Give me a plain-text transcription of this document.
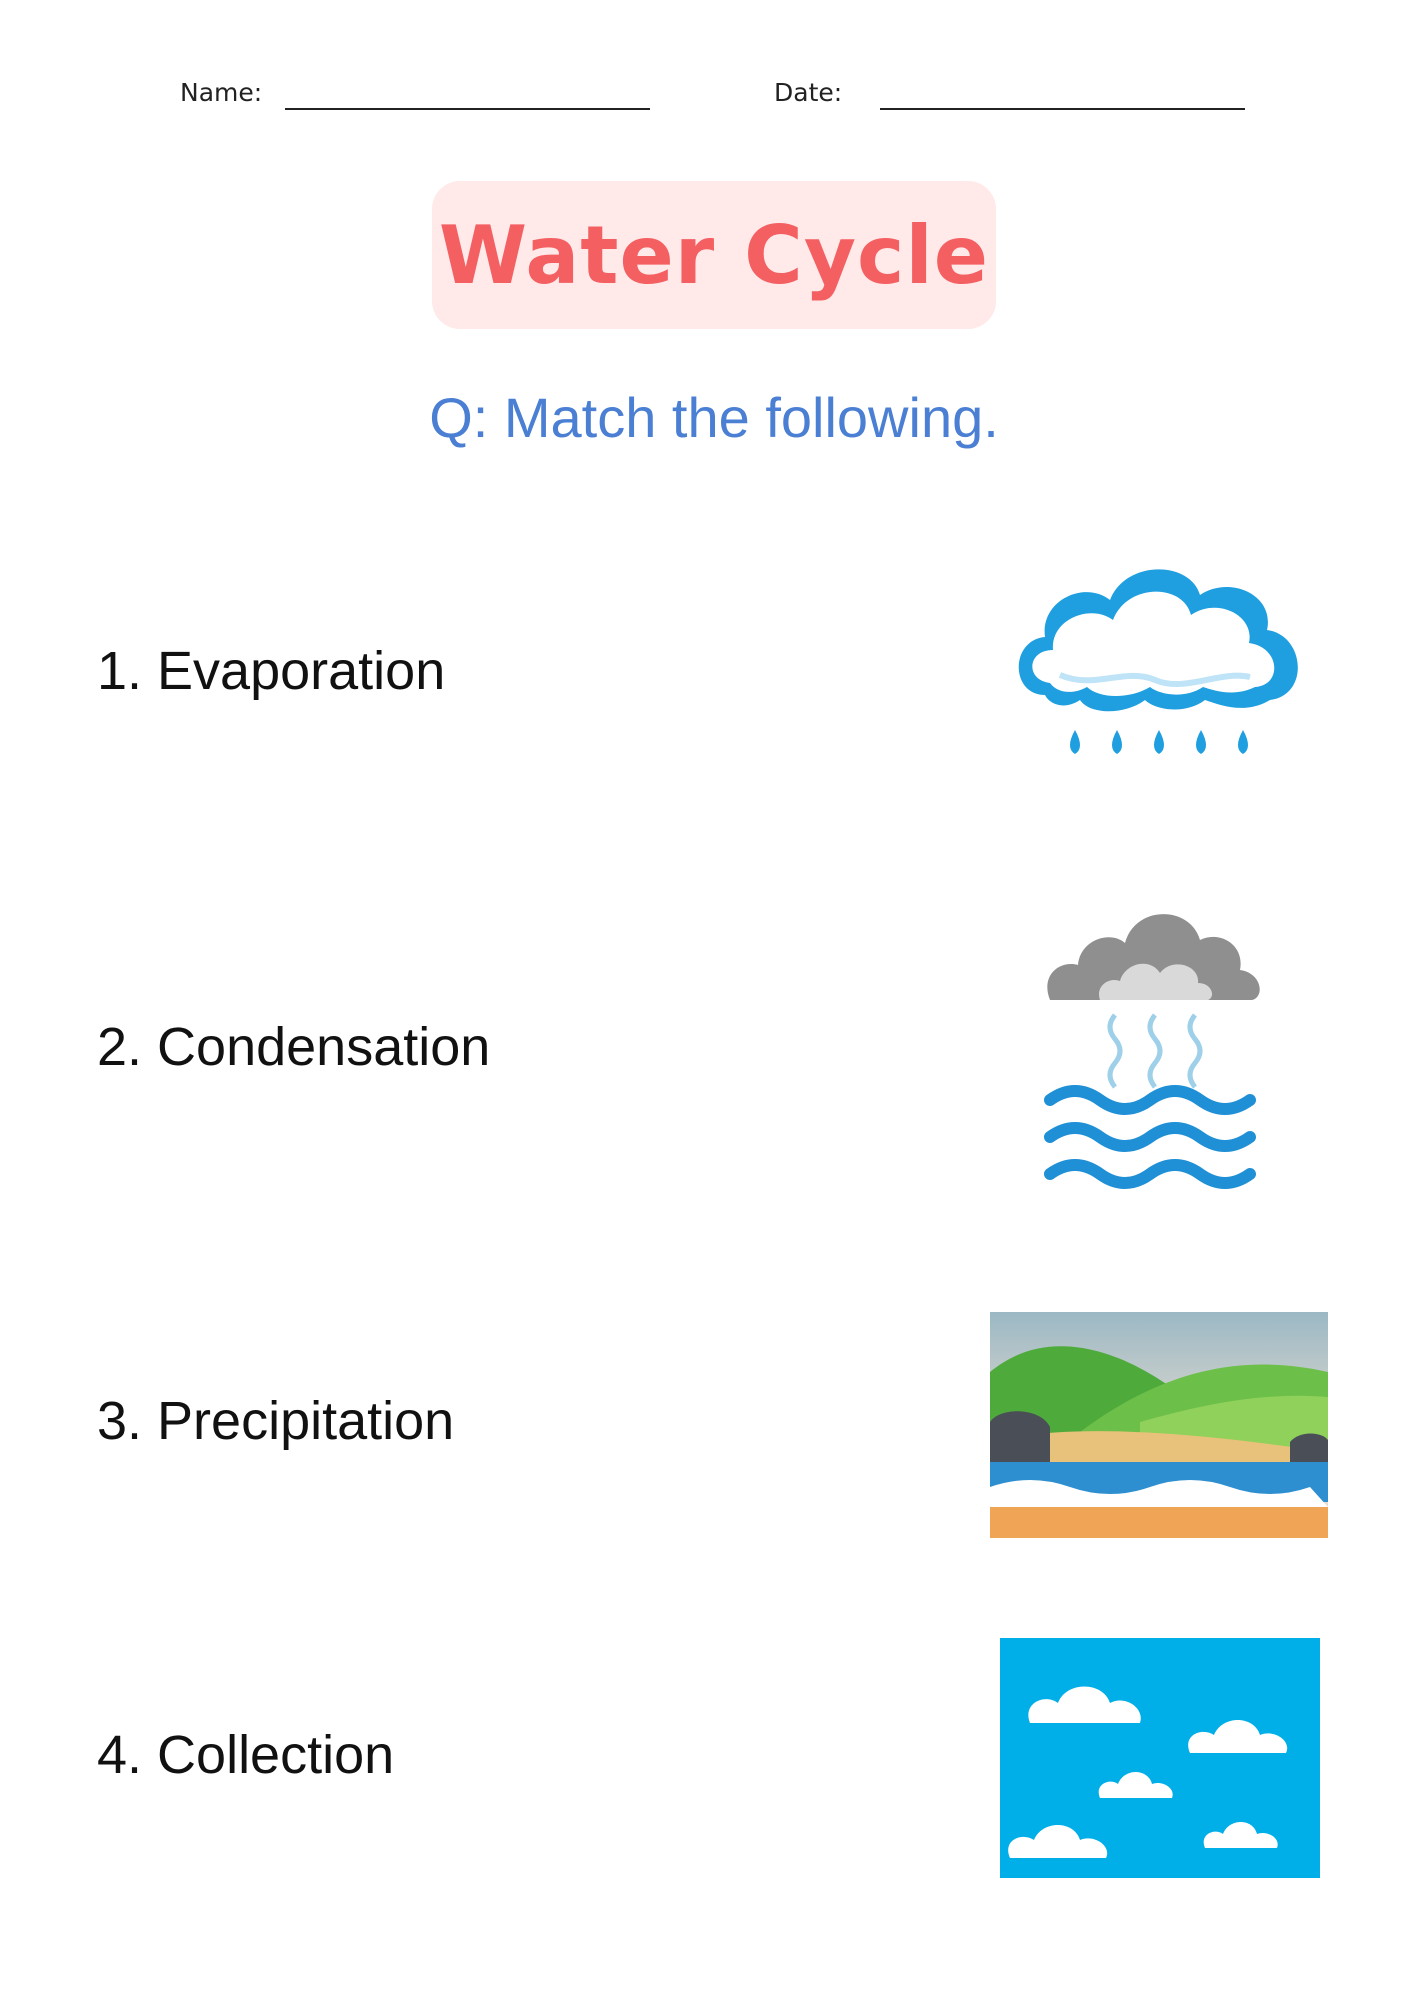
Name:	Date:
Water Cycle
Q: Match the following.
1. Evaporation
2. Condensation
3. Precipitation
4. Collection
